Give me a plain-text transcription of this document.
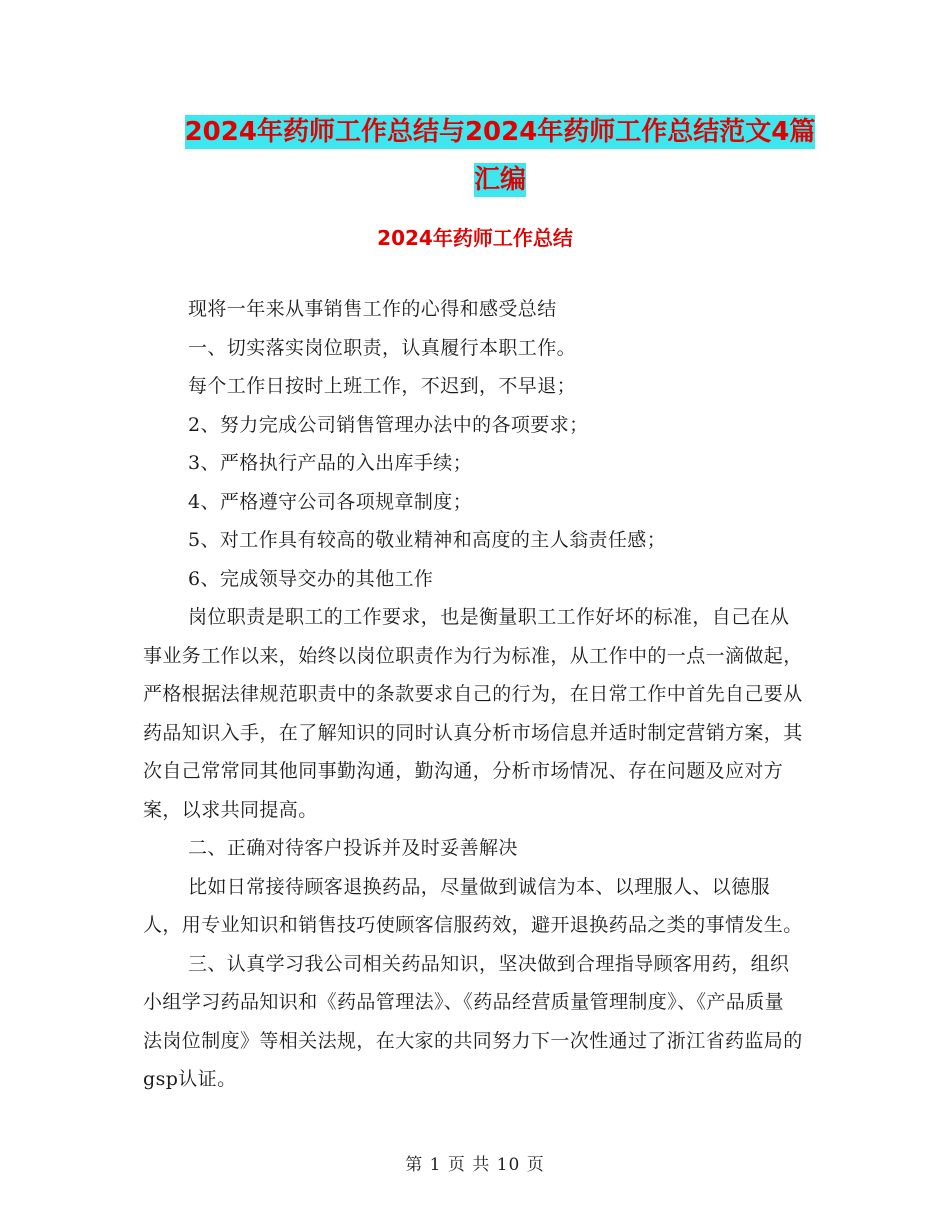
2024年药师工作总结与2024年药师工作总结范文4篇
汇编
2024年药师工作总结

现将一年来从事销售工作的心得和感受总结

一、切实落实岗位职责，认真履行本职工作。

每个工作日按时上班工作，不迟到，不早退；

2、努力完成公司销售管理办法中的各项要求；

3、严格执行产品的入出库手续；

4、严格遵守公司各项规章制度；

5、对工作具有较高的敬业精神和高度的主人翁责任感；

6、完成领导交办的其他工作

岗位职责是职工的工作要求，也是衡量职工工作好坏的标准，自己在从事业务工作以来，始终以岗位职责作为行为标准，从工作中的一点一滴做起，严格根据法律规范职责中的条款要求自己的行为，在日常工作中首先自己要从药品知识入手，在了解知识的同时认真分析市场信息并适时制定营销方案，其次自己常常同其他同事勤沟通，勤沟通，分析市场情况、存在问题及应对方案，以求共同提高。

二、正确对待客户投诉并及时妥善解决

比如日常接待顾客退换药品，尽量做到诚信为本、以理服人、以德服人，用专业知识和销售技巧使顾客信服药效，避开退换药品之类的事情发生。

三、认真学习我公司相关药品知识，坚决做到合理指导顾客用药，组织小组学习药品知识和《药品管理法》、《药品经营质量管理制度》、《产品质量法岗位制度》等相关法规，在大家的共同努力下一次性通过了浙江省药监局的gsp认证。

第 1 页 共 10 页
